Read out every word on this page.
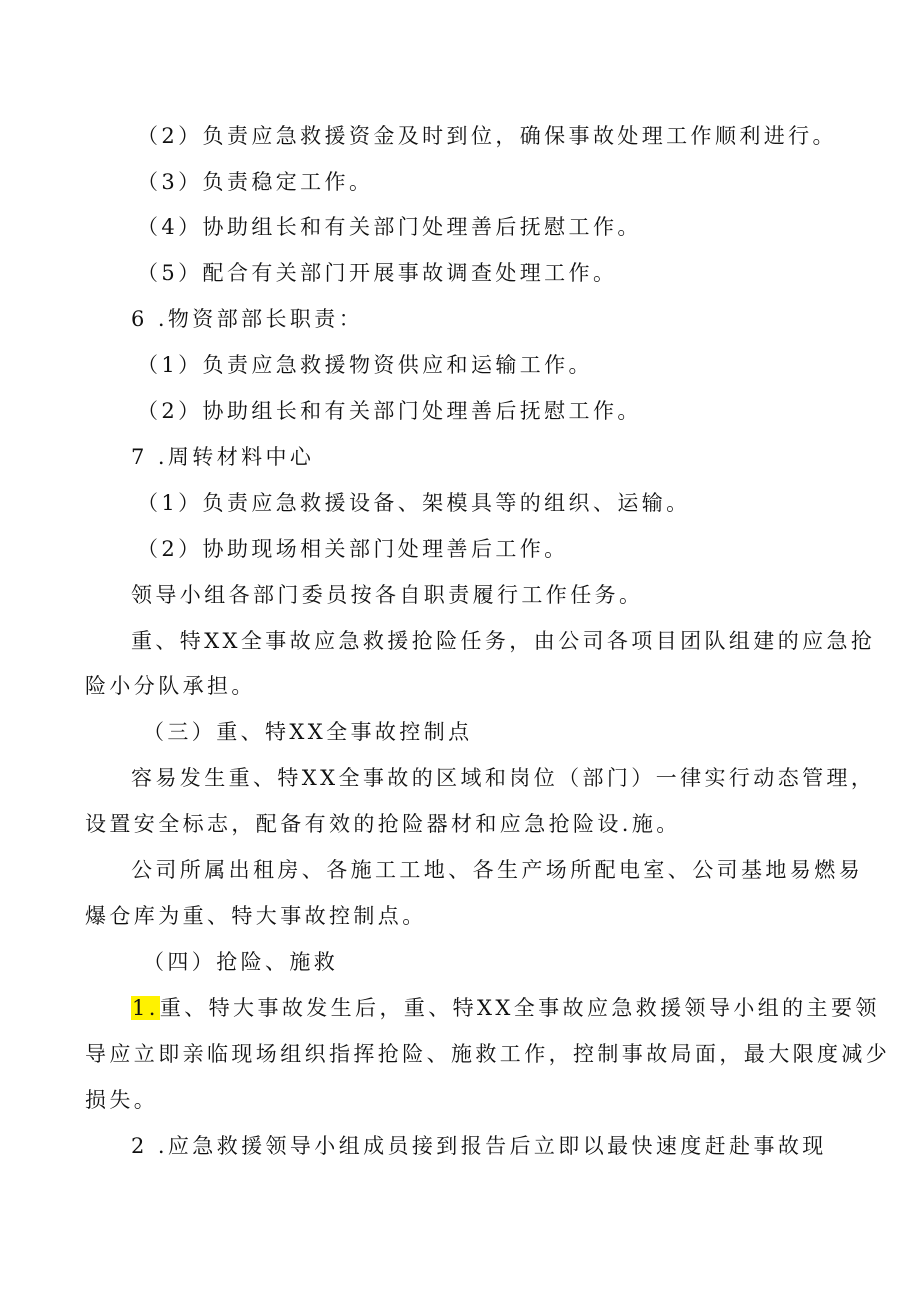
（2）负责应急救援资金及时到位，确保事故处理工作顺利进行。
（3）负责稳定工作。
（4）协助组长和有关部门处理善后抚慰工作。
（5）配合有关部门开展事故调查处理工作。
6 .物资部部长职责：
（1）负责应急救援物资供应和运输工作。
（2）协助组长和有关部门处理善后抚慰工作。
7 .周转材料中心
（1）负责应急救援设备、架模具等的组织、运输。
（2）协助现场相关部门处理善后工作。
领导小组各部门委员按各自职责履行工作任务。
重、特XX全事故应急救援抢险任务，由公司各项目团队组建的应急抢
险小分队承担。
（三）重、特XX全事故控制点
容易发生重、特XX全事故的区域和岗位（部门）一律实行动态管理，
设置安全标志，配备有效的抢险器材和应急抢险设.施。
公司所属出租房、各施工工地、各生产场所配电室、公司基地易燃易
爆仓库为重、特大事故控制点。
（四）抢险、施救
1.重、特大事故发生后，重、特XX全事故应急救援领导小组的主要领
导应立即亲临现场组织指挥抢险、施救工作，控制事故局面，最大限度减少
损失。
2 .应急救援领导小组成员接到报告后立即以最快速度赶赴事故现
